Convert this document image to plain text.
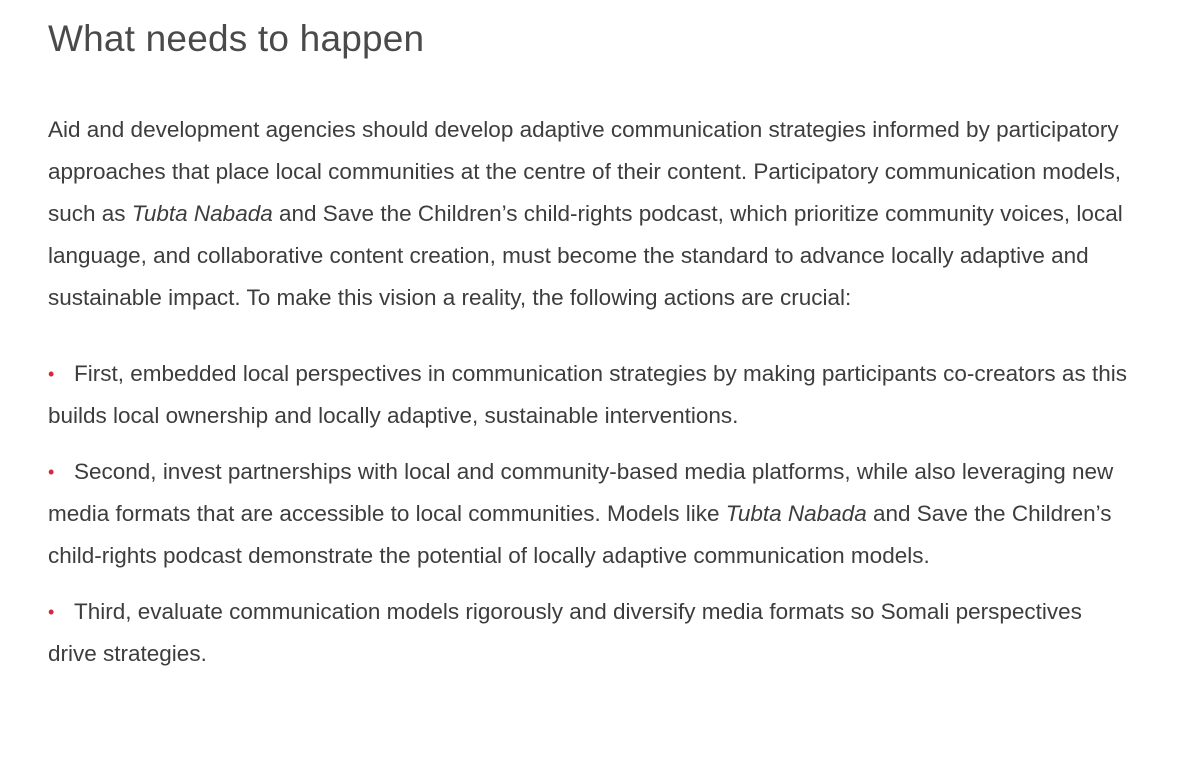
What needs to happen

Aid and development agencies should develop adaptive communication strategies informed by participatory approaches that place local communities at the centre of their content. Participatory communication models, such as Tubta Nabada and Save the Children’s child-rights podcast, which prioritize community voices, local language, and collaborative content creation, must become the standard to advance locally adaptive and sustainable impact. To make this vision a reality, the following actions are crucial:

• First, embedded local perspectives in communication strategies by making participants co-creators as this builds local ownership and locally adaptive, sustainable interventions.
• Second, invest partnerships with local and community-based media platforms, while also leveraging new media formats that are accessible to local communities. Models like Tubta Nabada and Save the Children’s child-rights podcast demonstrate the potential of locally adaptive communication models.
• Third, evaluate communication models rigorously and diversify media formats so Somali perspectives drive strategies.
